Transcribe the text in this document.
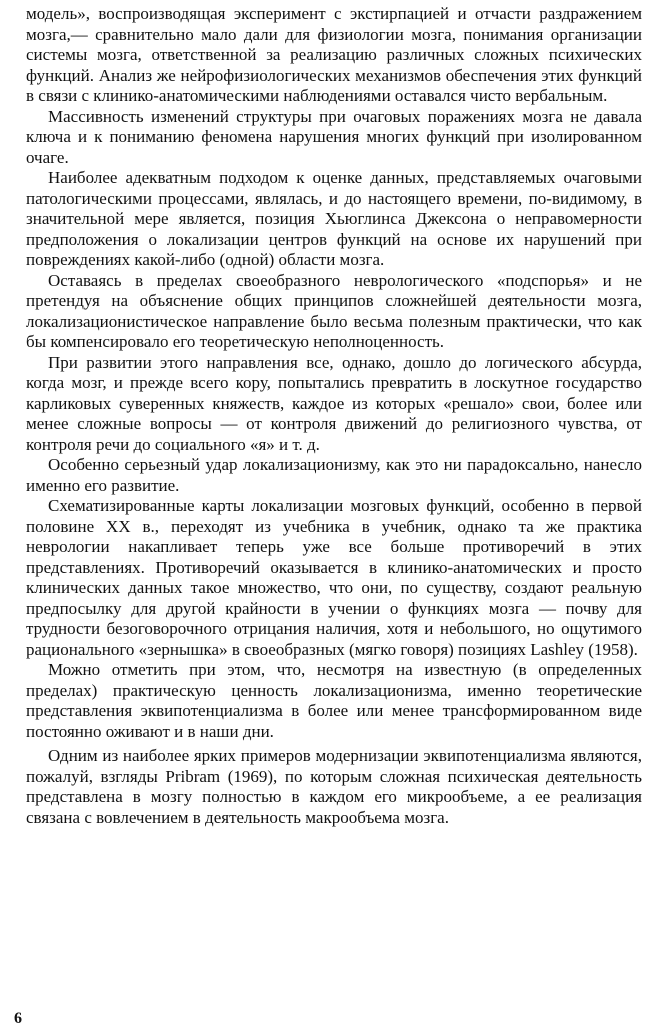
модель», воспроизводящая эксперимент с экстирпацией и отчасти раздражением мозга,— сравнительно мало дали для физиологии мозга, понимания организации системы мозга, ответственной за реализацию различных сложных психических функций. Анализ же нейрофизиологических механизмов обеспечения этих функций в связи с клинико-анатомическими наблюдениями оставался чисто вербальным.

Массивность изменений структуры при очаговых поражениях мозга не давала ключа и к пониманию феномена нарушения многих функций при изолированном очаге.

Наиболее адекватным подходом к оценке данных, представляемых очаговыми патологическими процессами, являлась, и до настоящего времени, по-видимому, в значительной мере является, позиция Хьюглинса Джексона о неправомерности предположения о локализации центров функций на основе их нарушений при повреждениях какой-либо (одной) области мозга.

Оставаясь в пределах своеобразного неврологического «подспорья» и не претендуя на объяснение общих принципов сложнейшей деятельности мозга, локализационистическое направление было весьма полезным практически, что как бы компенсировало его теоретическую неполноценность.

При развитии этого направления все, однако, дошло до логического абсурда, когда мозг, и прежде всего кору, попытались превратить в лоскутное государство карликовых суверенных княжеств, каждое из которых «решало» свои, более или менее сложные вопросы — от контроля движений до религиозного чувства, от контроля речи до социального «я» и т. д.

Особенно серьезный удар локализационизму, как это ни парадоксально, нанесло именно его развитие.

Схематизированные карты локализации мозговых функций, особенно в первой половине XX в., переходят из учебника в учебник, однако та же практика неврологии накапливает теперь уже все больше противоречий в этих представлениях. Противоречий оказывается в клинико-анатомических и просто клинических данных такое множество, что они, по существу, создают реальную предпосылку для другой крайности в учении о функциях мозга — почву для трудности безоговорочного отрицания наличия, хотя и небольшого, но ощутимого рационального «зернышка» в своеобразных (мягко говоря) позициях Lashley (1958).

Можно отметить при этом, что, несмотря на известную (в определенных пределах) практическую ценность локализационизма, именно теоретические представления эквипотенциализма в более или менее трансформированном виде постоянно оживают и в наши дни.

Одним из наиболее ярких примеров модернизации эквипотенциализма являются, пожалуй, взгляды Pribram (1969), по которым сложная психическая деятельность представлена в мозгу полностью в каждом его микрообъеме, а ее реализация связана с вовлечением в деятельность макрообъема мозга.

6
